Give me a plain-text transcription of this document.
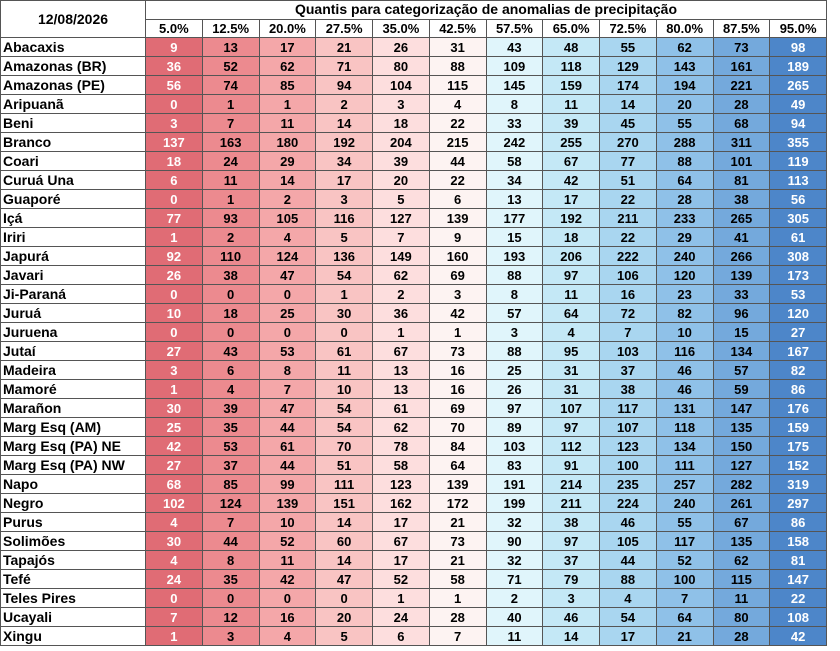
12/08/2026	Quantis para categorização de anomalias de precipitação											
	5.0%	12.5%	20.0%	27.5%	35.0%	42.5%	57.5%	65.0%	72.5%	80.0%	87.5%	95.0%
Abacaxis	9	13	17	21	26	31	43	48	55	62	73	98
Amazonas (BR)	36	52	62	71	80	88	109	118	129	143	161	189
Amazonas (PE)	56	74	85	94	104	115	145	159	174	194	221	265
Aripuanã	0	1	1	2	3	4	8	11	14	20	28	49
Beni	3	7	11	14	18	22	33	39	45	55	68	94
Branco	137	163	180	192	204	215	242	255	270	288	311	355
Coari	18	24	29	34	39	44	58	67	77	88	101	119
Curuá Una	6	11	14	17	20	22	34	42	51	64	81	113
Guaporé	0	1	2	3	5	6	13	17	22	28	38	56
Içá	77	93	105	116	127	139	177	192	211	233	265	305
Iriri	1	2	4	5	7	9	15	18	22	29	41	61
Japurá	92	110	124	136	149	160	193	206	222	240	266	308
Javari	26	38	47	54	62	69	88	97	106	120	139	173
Ji-Paraná	0	0	0	1	2	3	8	11	16	23	33	53
Juruá	10	18	25	30	36	42	57	64	72	82	96	120
Juruena	0	0	0	0	1	1	3	4	7	10	15	27
Jutaí	27	43	53	61	67	73	88	95	103	116	134	167
Madeira	3	6	8	11	13	16	25	31	37	46	57	82
Mamoré	1	4	7	10	13	16	26	31	38	46	59	86
Marañon	30	39	47	54	61	69	97	107	117	131	147	176
Marg Esq (AM)	25	35	44	54	62	70	89	97	107	118	135	159
Marg Esq (PA) NE	42	53	61	70	78	84	103	112	123	134	150	175
Marg Esq (PA) NW	27	37	44	51	58	64	83	91	100	111	127	152
Napo	68	85	99	111	123	139	191	214	235	257	282	319
Negro	102	124	139	151	162	172	199	211	224	240	261	297
Purus	4	7	10	14	17	21	32	38	46	55	67	86
Solimões	30	44	52	60	67	73	90	97	105	117	135	158
Tapajós	4	8	11	14	17	21	32	37	44	52	62	81
Tefé	24	35	42	47	52	58	71	79	88	100	115	147
Teles Pires	0	0	0	0	1	1	2	3	4	7	11	22
Ucayali	7	12	16	20	24	28	40	46	54	64	80	108
Xingu	1	3	4	5	6	7	11	14	17	21	28	42
